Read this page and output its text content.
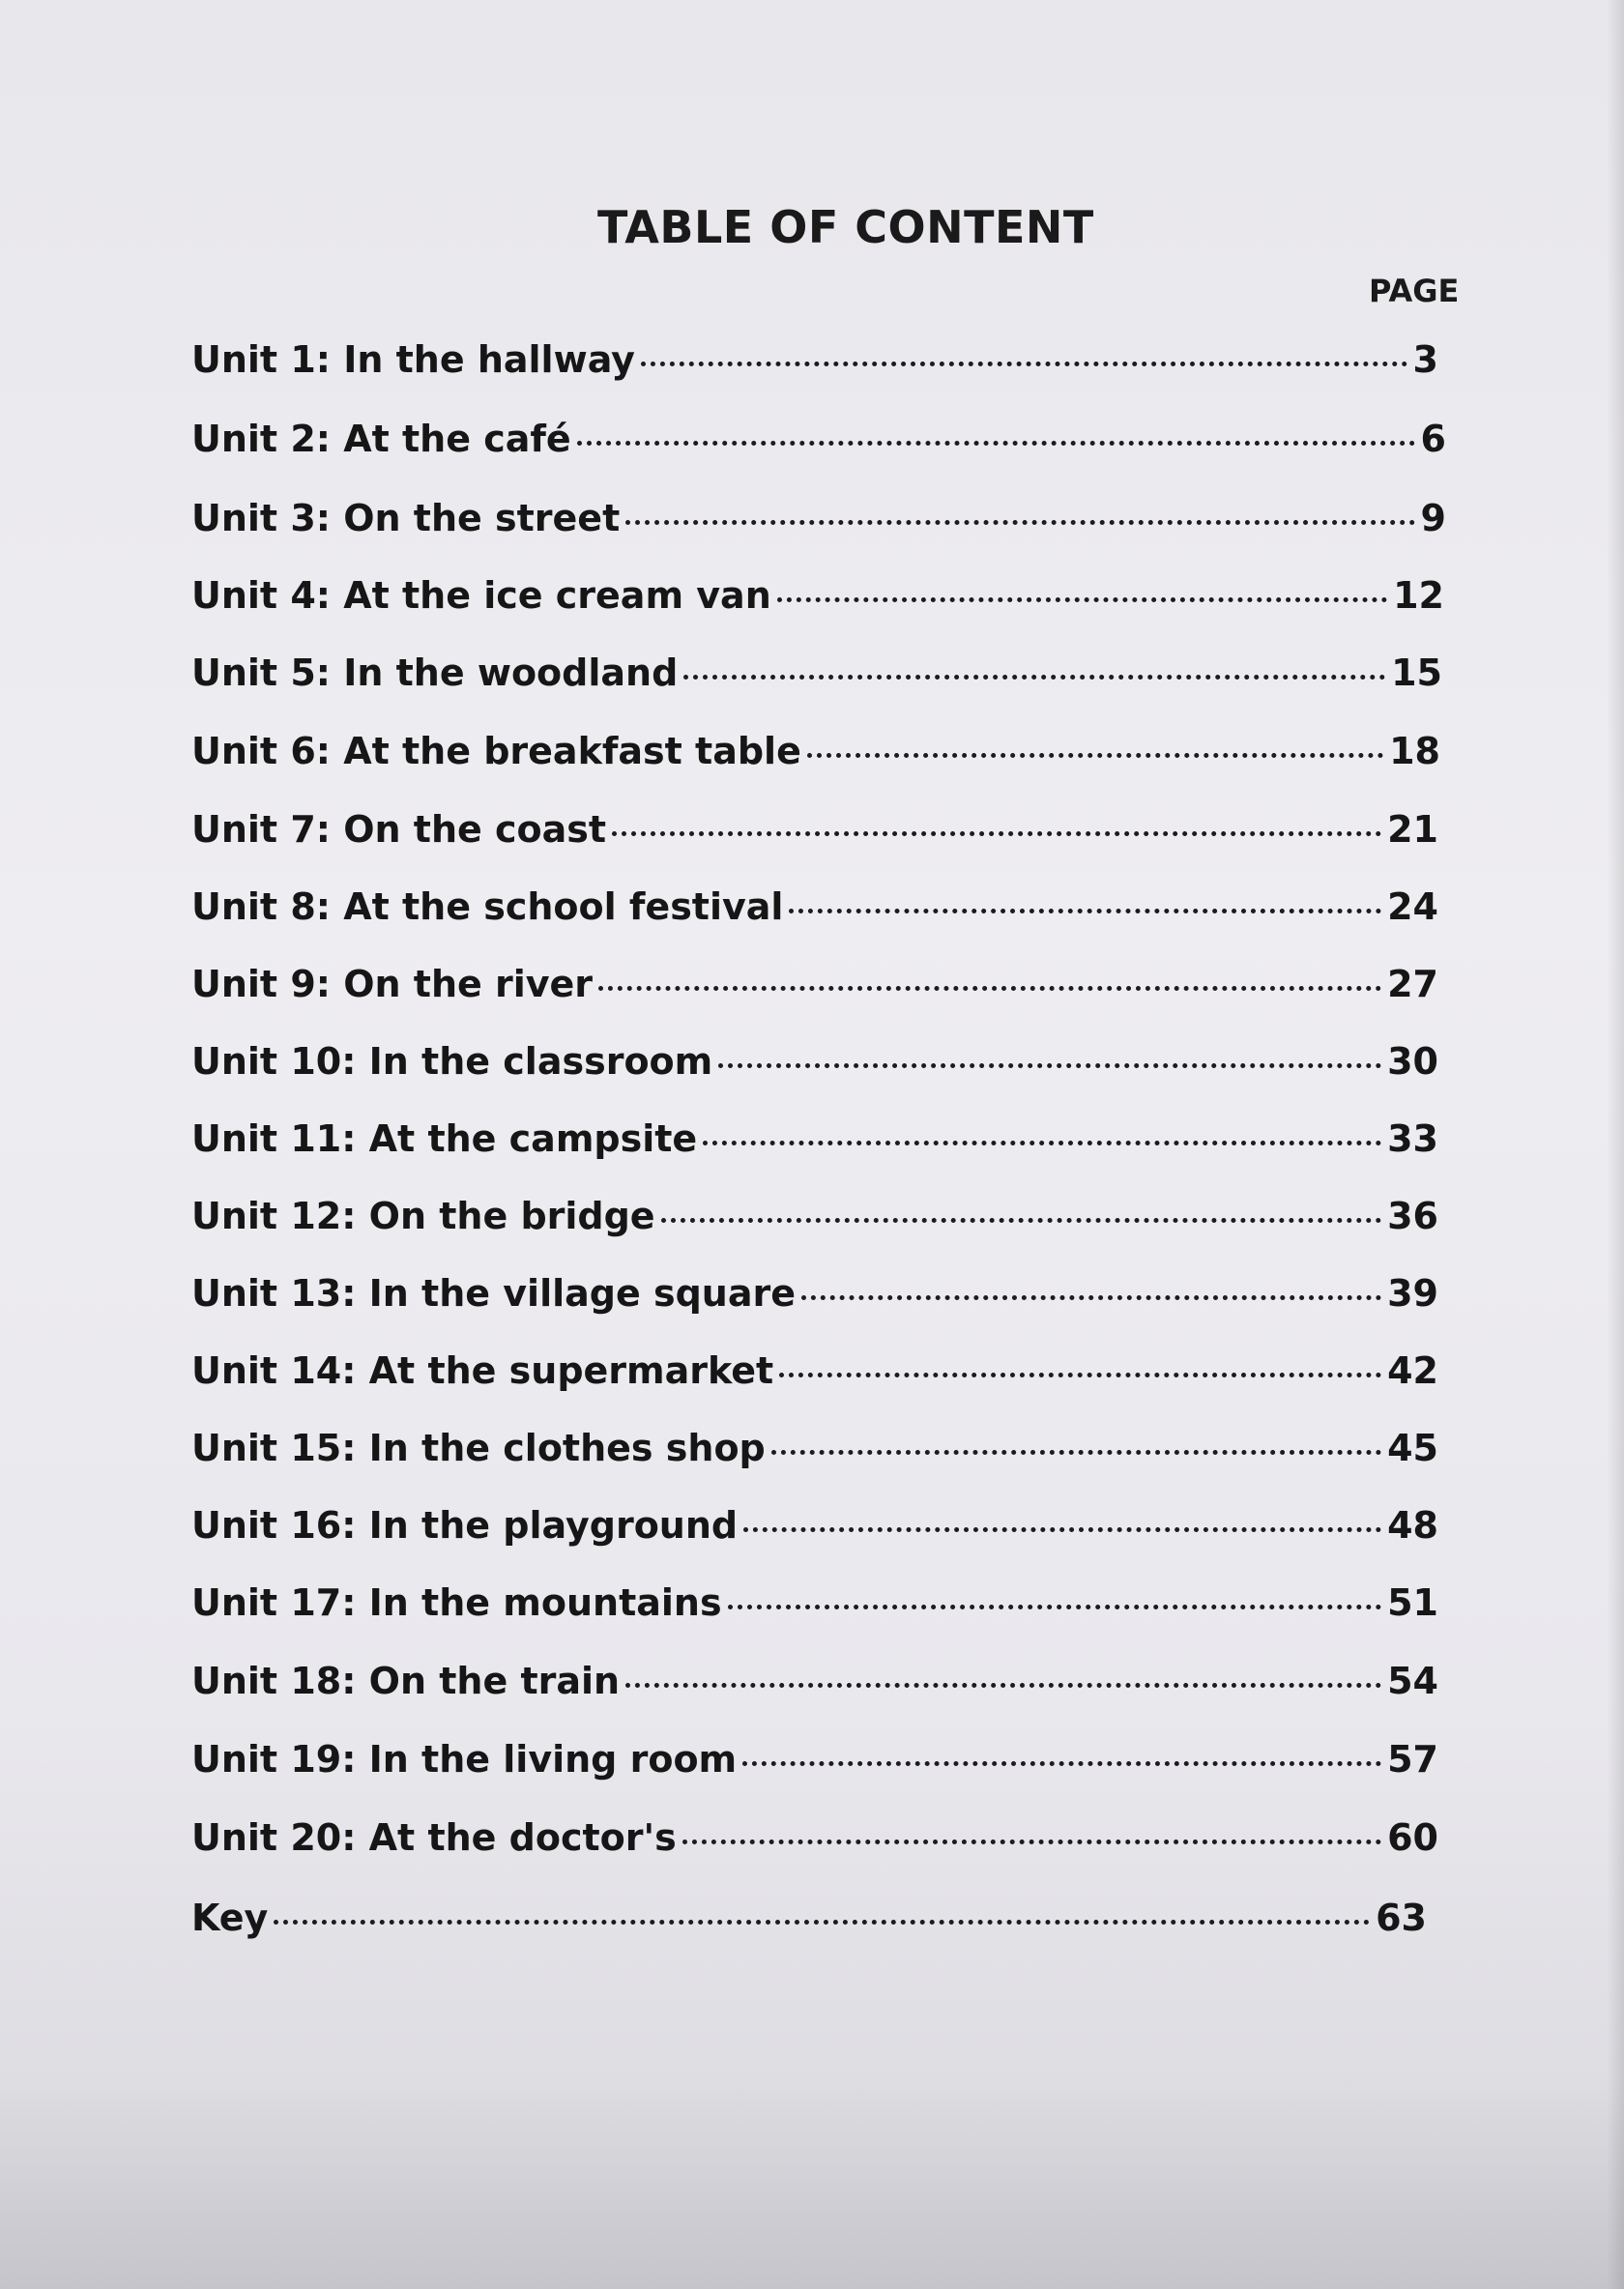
TABLE OF CONTENT
PAGE
Unit 1: In the hallway	3
Unit 2: At the café	6
Unit 3: On the street	9
Unit 4: At the ice cream van	12
Unit 5: In the woodland	15
Unit 6: At the breakfast table	18
Unit 7: On the coast	21
Unit 8: At the school festival	24
Unit 9: On the river	27
Unit 10: In the classroom	30
Unit 11: At the campsite	33
Unit 12: On the bridge	36
Unit 13: In the village square	39
Unit 14: At the supermarket	42
Unit 15: In the clothes shop	45
Unit 16: In the playground	48
Unit 17: In the mountains	51
Unit 18: On the train	54
Unit 19: In the living room	57
Unit 20: At the doctor's	60
Key	63
